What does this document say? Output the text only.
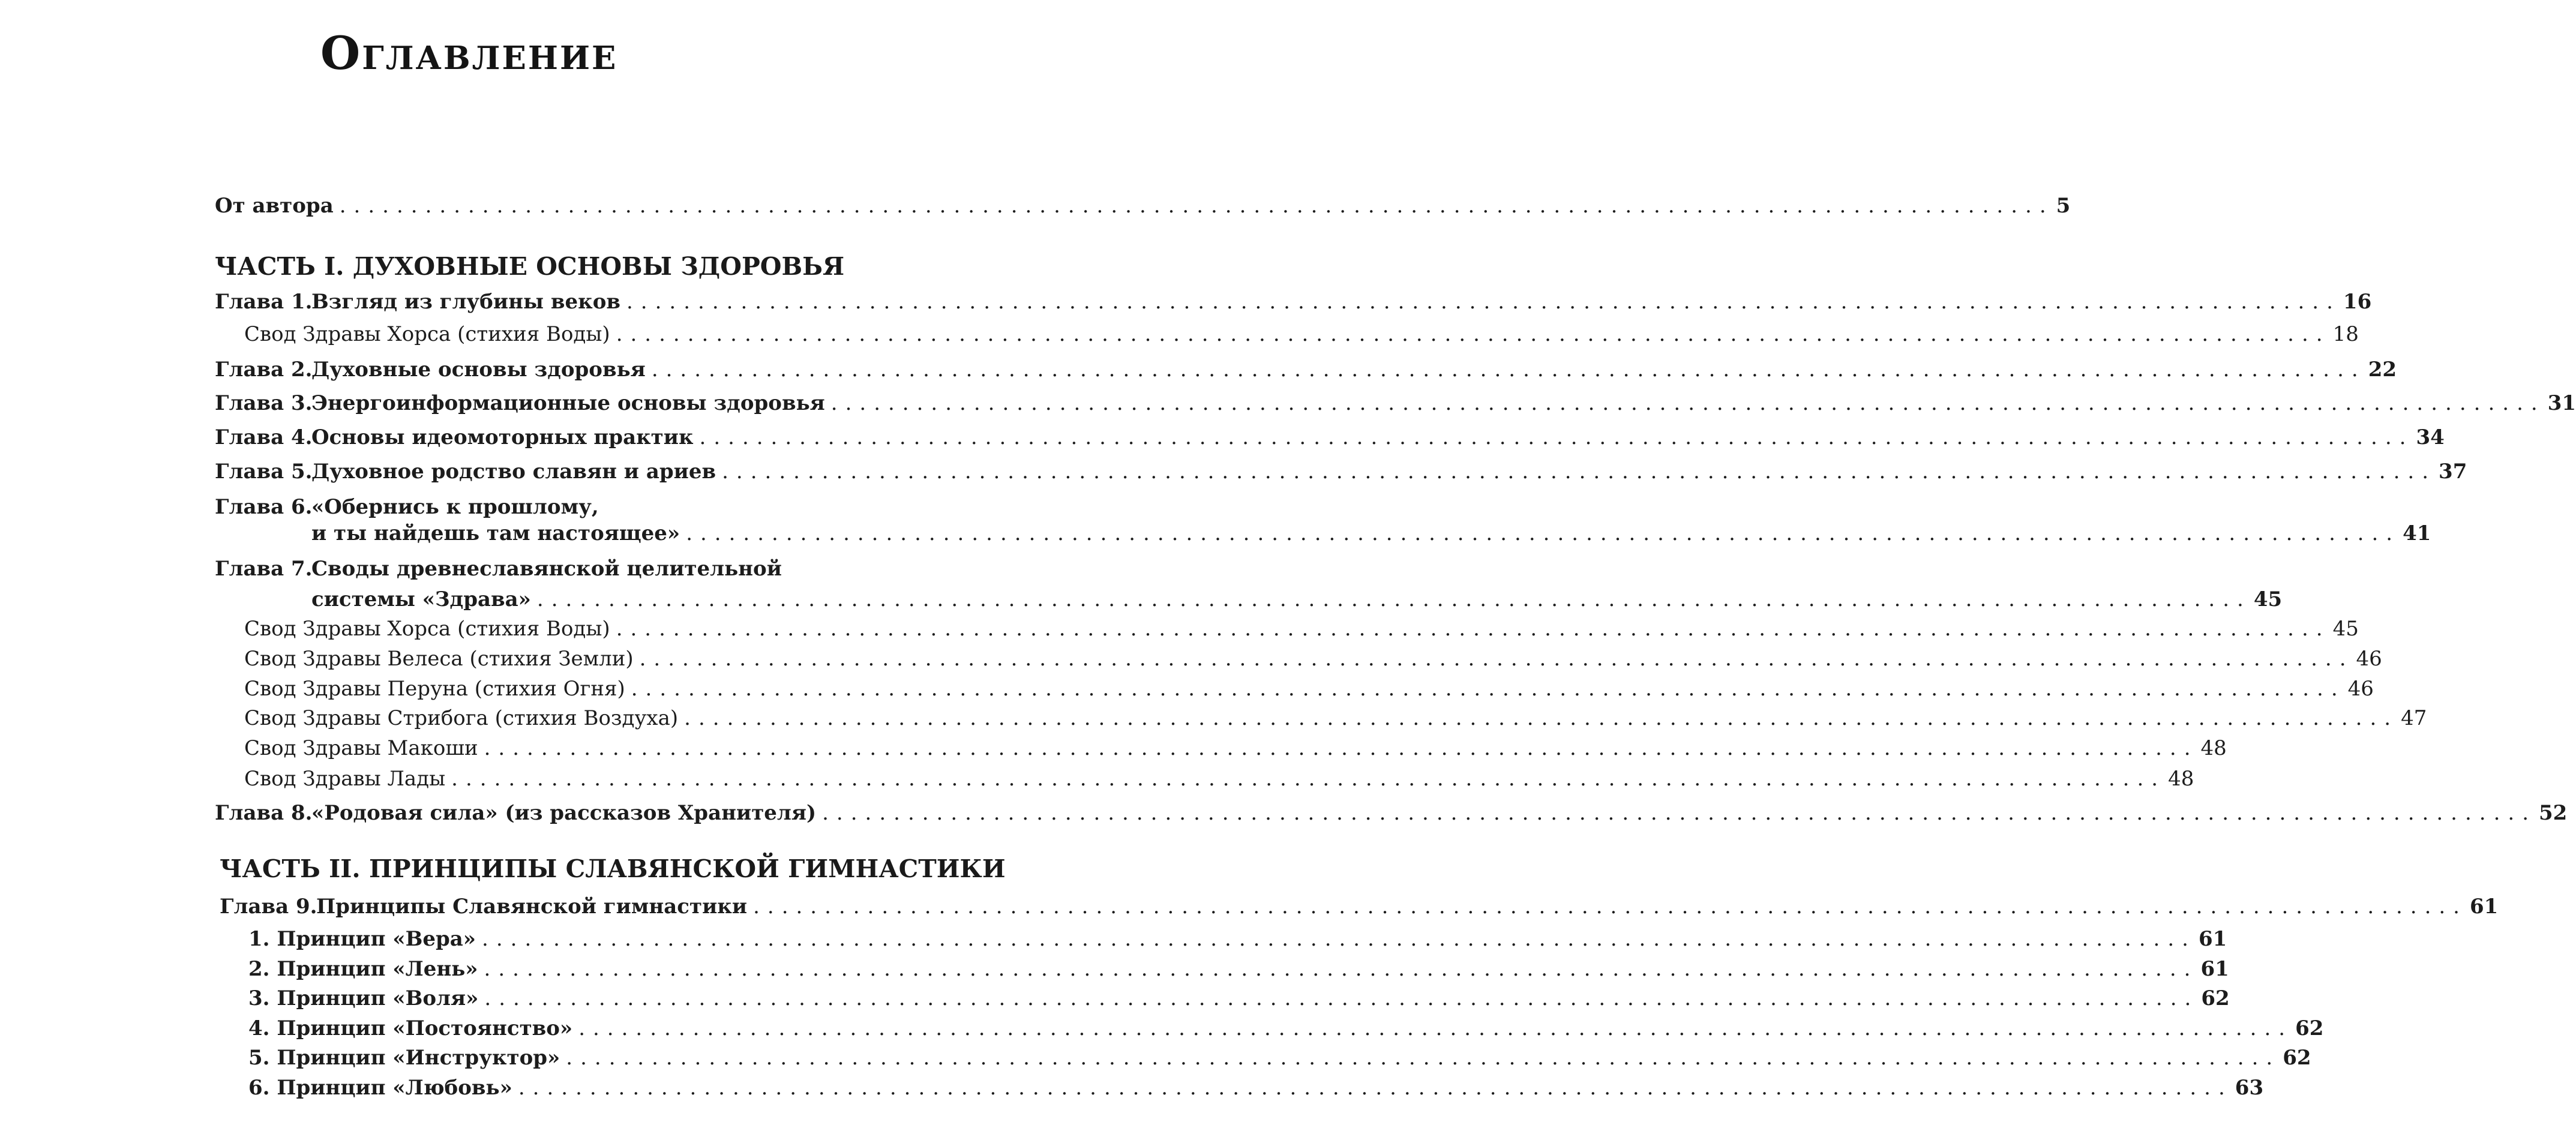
Оглавление
От автора ........................................................................................................................ 5
ЧАСТЬ I. ДУХОВНЫЕ ОСНОВЫ ЗДОРОВЬЯ
Глава 1.
Взгляд из глубины веков ........................................................................................................................ 16
Свод Здравы Хорса (стихия Воды) ........................................................................................................................ 18
Глава 2.
Духовные основы здоровья ........................................................................................................................ 22
Глава 3.
Энергоинформационные основы здоровья ........................................................................................................................ 31
Глава 4.
Основы идеомоторных практик ........................................................................................................................ 34
Глава 5.
Духовное родство славян и ариев ........................................................................................................................ 37
Глава 6.
«Обернись к прошлому,
и ты найдешь там настоящее» ........................................................................................................................ 41
Глава 7.
Своды древнеславянской целительной
системы «Здрава» ........................................................................................................................ 45
Свод Здравы Хорса (стихия Воды) ........................................................................................................................ 45
Свод Здравы Велеса (стихия Земли) ........................................................................................................................ 46
Свод Здравы Перуна (стихия Огня) ........................................................................................................................ 46
Свод Здравы Стрибога (стихия Воздуха) ........................................................................................................................ 47
Свод Здравы Макоши ........................................................................................................................ 48
Свод Здравы Лады ........................................................................................................................ 48
Глава 8.
«Родовая сила» (из рассказов Хранителя) ........................................................................................................................ 52
ЧАСТЬ II. ПРИНЦИПЫ СЛАВЯНСКОЙ ГИМНАСТИКИ
Глава 9.
Принципы Славянской гимнастики ........................................................................................................................ 61
1. Принцип «Вера» ........................................................................................................................ 61
2. Принцип «Лень» ........................................................................................................................ 61
3. Принцип «Воля» ........................................................................................................................ 62
4. Принцип «Постоянство» ........................................................................................................................ 62
5. Принцип «Инструктор» ........................................................................................................................ 62
6. Принцип «Любовь» ........................................................................................................................ 63
